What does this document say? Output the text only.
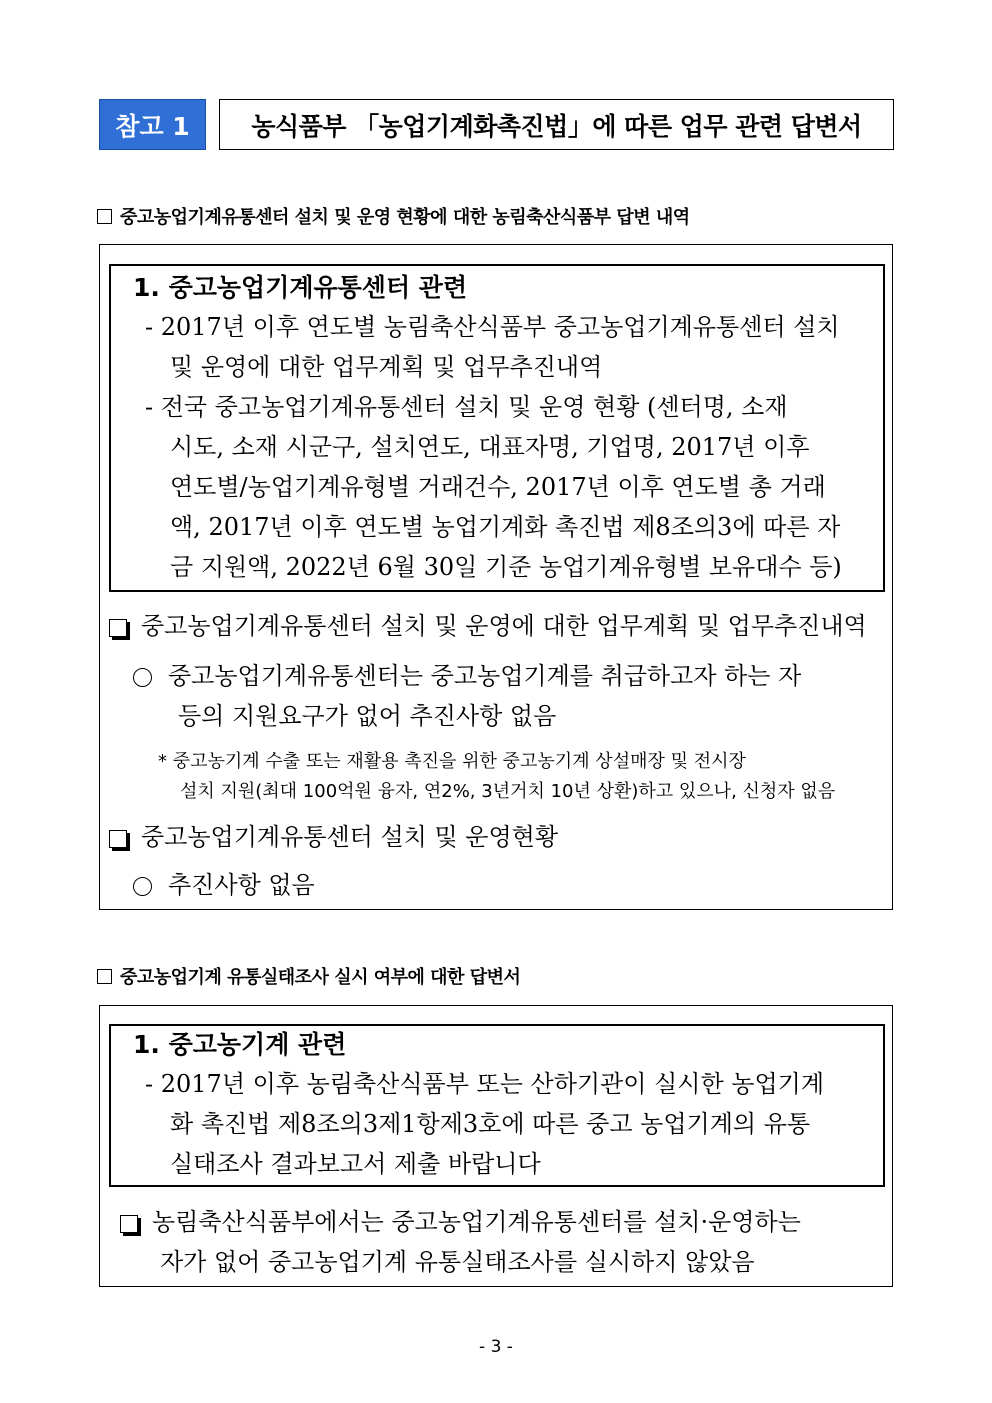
참고 1	농식품부 「농업기계화촉진법」에 따른 업무 관련 답변서
중고농업기계유통센터 설치 및 운영 현황에 대한 농림축산식품부 답변 내역
1. 중고농업기계유통센터 관련
- 2017년 이후 연도별 농림축산식품부 중고농업기계유통센터 설치
및 운영에 대한 업무계획 및 업무추진내역
- 전국 중고농업기계유통센터 설치 및 운영 현황 (센터명, 소재
시도, 소재 시군구, 설치연도, 대표자명, 기업명, 2017년 이후
연도별/농업기계유형별 거래건수, 2017년 이후 연도별 총 거래
액, 2017년 이후 연도별 농업기계화 촉진법 제8조의3에 따른 자
금 지원액, 2022년 6월 30일 기준 농업기계유형별 보유대수 등)
중고농업기계유통센터 설치 및 운영에 대한 업무계획 및 업무추진내역
중고농업기계유통센터는 중고농업기계를 취급하고자 하는 자
등의 지원요구가 없어 추진사항 없음
* 중고농기계 수출 또는 재활용 촉진을 위한 중고농기계 상설매장 및 전시장
설치 지원(최대 100억원 융자, 연2%, 3년거치 10년 상환)하고 있으나, 신청자 없음
중고농업기계유통센터 설치 및 운영현황
추진사항 없음
중고농업기계 유통실태조사 실시 여부에 대한 답변서
1. 중고농기계 관련
- 2017년 이후 농림축산식품부 또는 산하기관이 실시한 농업기계
화 촉진법 제8조의3제1항제3호에 따른 중고 농업기계의 유통
실태조사 결과보고서 제출 바랍니다
농림축산식품부에서는 중고농업기계유통센터를 설치·운영하는
자가 없어 중고농업기계 유통실태조사를 실시하지 않았음
- 3 -
